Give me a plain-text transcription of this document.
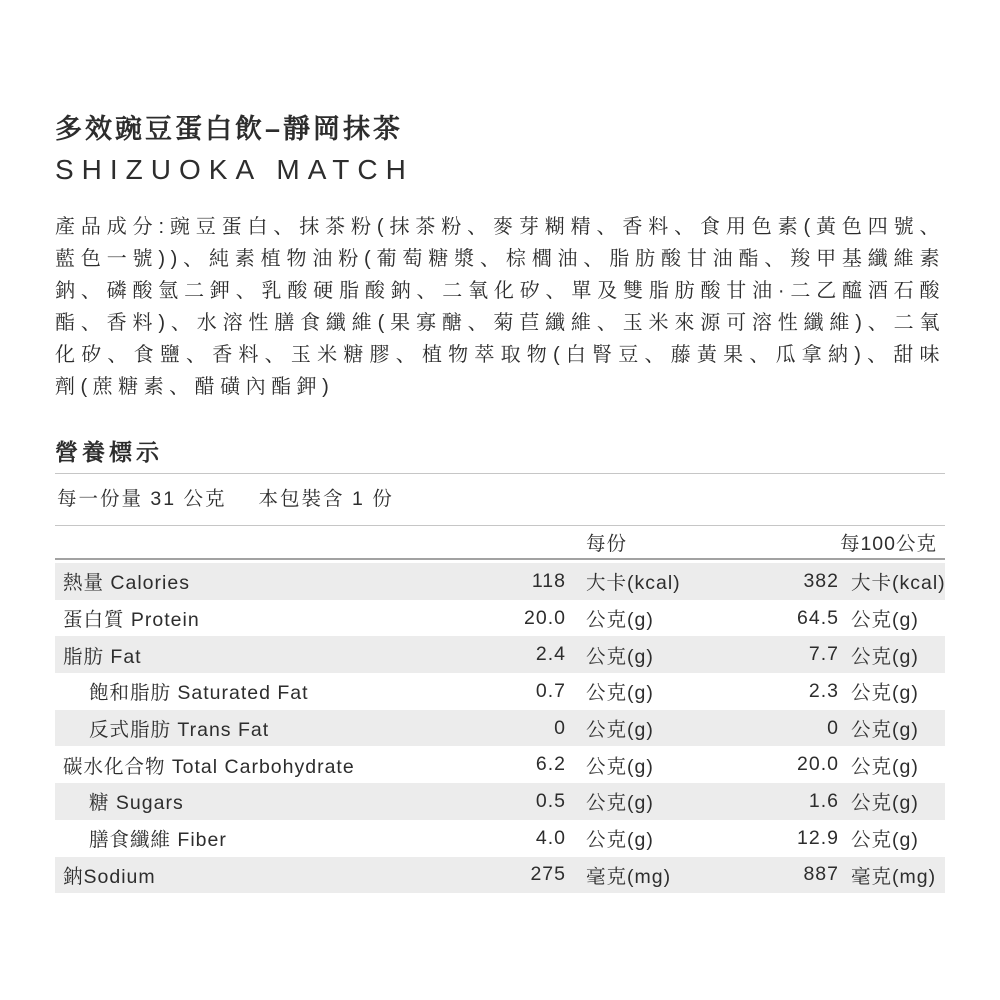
多效豌豆蛋白飲–靜岡抹茶
SHIZUOKA MATCH

產品成分:豌豆蛋白、抹茶粉(抹茶粉、麥芽糊精、香料、食用色素(黃色四號、藍色一號))、純素植物油粉(葡萄糖漿、棕櫚油、脂肪酸甘油酯、羧甲基纖維素鈉、磷酸氫二鉀、乳酸硬脂酸鈉、二氧化矽、單及雙脂肪酸甘油·二乙醯酒石酸酯、香料)、水溶性膳食纖維(果寡醣、菊苣纖維、玉米來源可溶性纖維)、二氧化矽、食鹽、香料、玉米糖膠、植物萃取物(白腎豆、藤黃果、瓜拿納)、甜味劑(蔗糖素、醋磺內酯鉀)

營養標示
每一份量 31 公克 本包裝含 1 份
每份	每100公克
熱量 Calories	118	大卡(kcal)	382 大卡(kcal)
蛋白質 Protein	20.0	公克(g)	64.5 公克(g)
脂肪 Fat	2.4	公克(g)	7.7 公克(g)
飽和脂肪 Saturated Fat	0.7	公克(g)	2.3 公克(g)
反式脂肪 Trans Fat	0	公克(g)	0 公克(g)
碳水化合物 Total Carbohydrate	6.2	公克(g)	20.0 公克(g)
糖 Sugars	0.5	公克(g)	1.6 公克(g)
膳食纖維 Fiber	4.0	公克(g)	12.9 公克(g)
鈉Sodium	275	毫克(mg)	887 毫克(mg)
